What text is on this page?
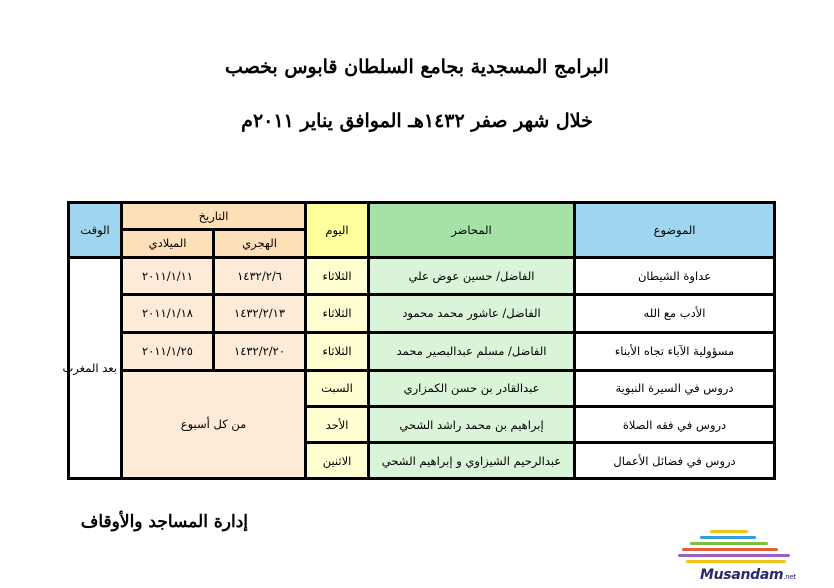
البرامج المسجدية بجامع السلطان قابوس بخصب
خلال شهر صفر ١٤٣٢هـ الموافق يناير ٢٠١١م
الموضوع	المحاضر	اليوم	التاريخ		الوقت
			الهجري	الميلادي	
عداوة الشيطان	الفاضل/ حسين عوض علي	الثلاثاء	١٤٣٢/٢/٦	٢٠١١/١/١١	بعد المغرب
الأدب مع الله	الفاضل/ عاشور محمد محمود	الثلاثاء	١٤٣٢/٢/١٣	٢٠١١/١/١٨	
مسؤولية الآباء تجاه الأبناء	الفاضل/ مسلم عبدالبصير محمد	الثلاثاء	١٤٣٢/٢/٢٠	٢٠١١/١/٢٥	
دروس في السيرة النبوية	عبدالقادر بن حسن الكمزاري	السبت	من كل أسبوع		
دروس في فقه الصلاة	إبراهيم بن محمد راشد الشحي	الأحد			
دروس في فضائل الأعمال	عبدالرحيم الشيزاوي و إبراهيم الشحي	الاثنين			
إدارة المساجد والأوقاف
Musandam.net
